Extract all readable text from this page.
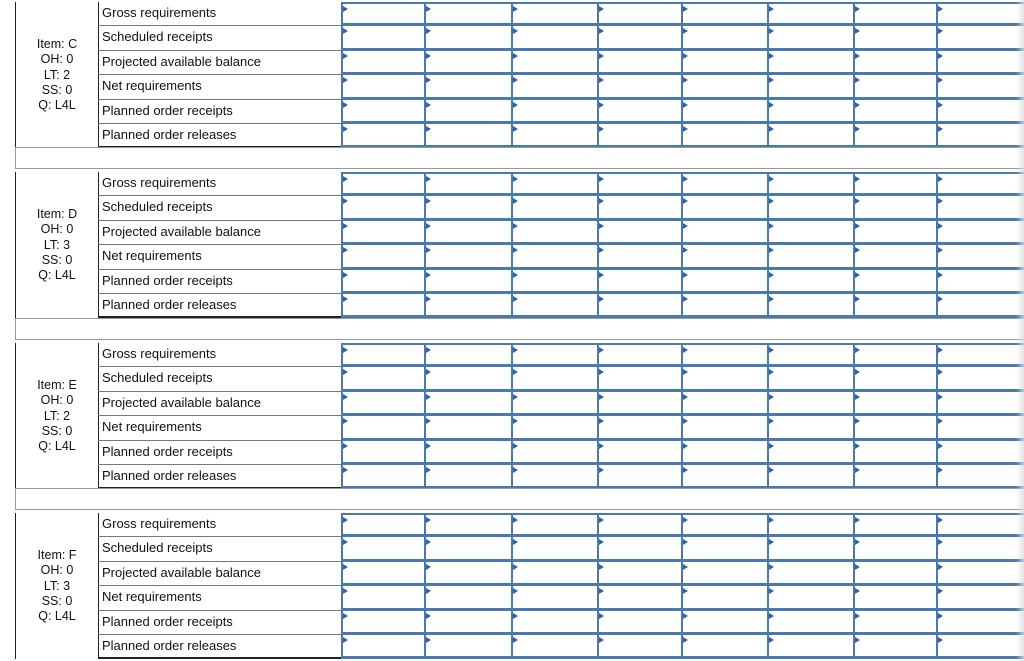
Item: C
OH: 0
LT: 2
SS: 0
Q: L4L
Gross requirements
Scheduled receipts
Projected available balance
Net requirements
Planned order receipts
Planned order releases
Item: D
OH: 0
LT: 3
SS: 0
Q: L4L
Gross requirements
Scheduled receipts
Projected available balance
Net requirements
Planned order receipts
Planned order releases
Item: E
OH: 0
LT: 2
SS: 0
Q: L4L
Gross requirements
Scheduled receipts
Projected available balance
Net requirements
Planned order receipts
Planned order releases
Item: F
OH: 0
LT: 3
SS: 0
Q: L4L
Gross requirements
Scheduled receipts
Projected available balance
Net requirements
Planned order receipts
Planned order releases
